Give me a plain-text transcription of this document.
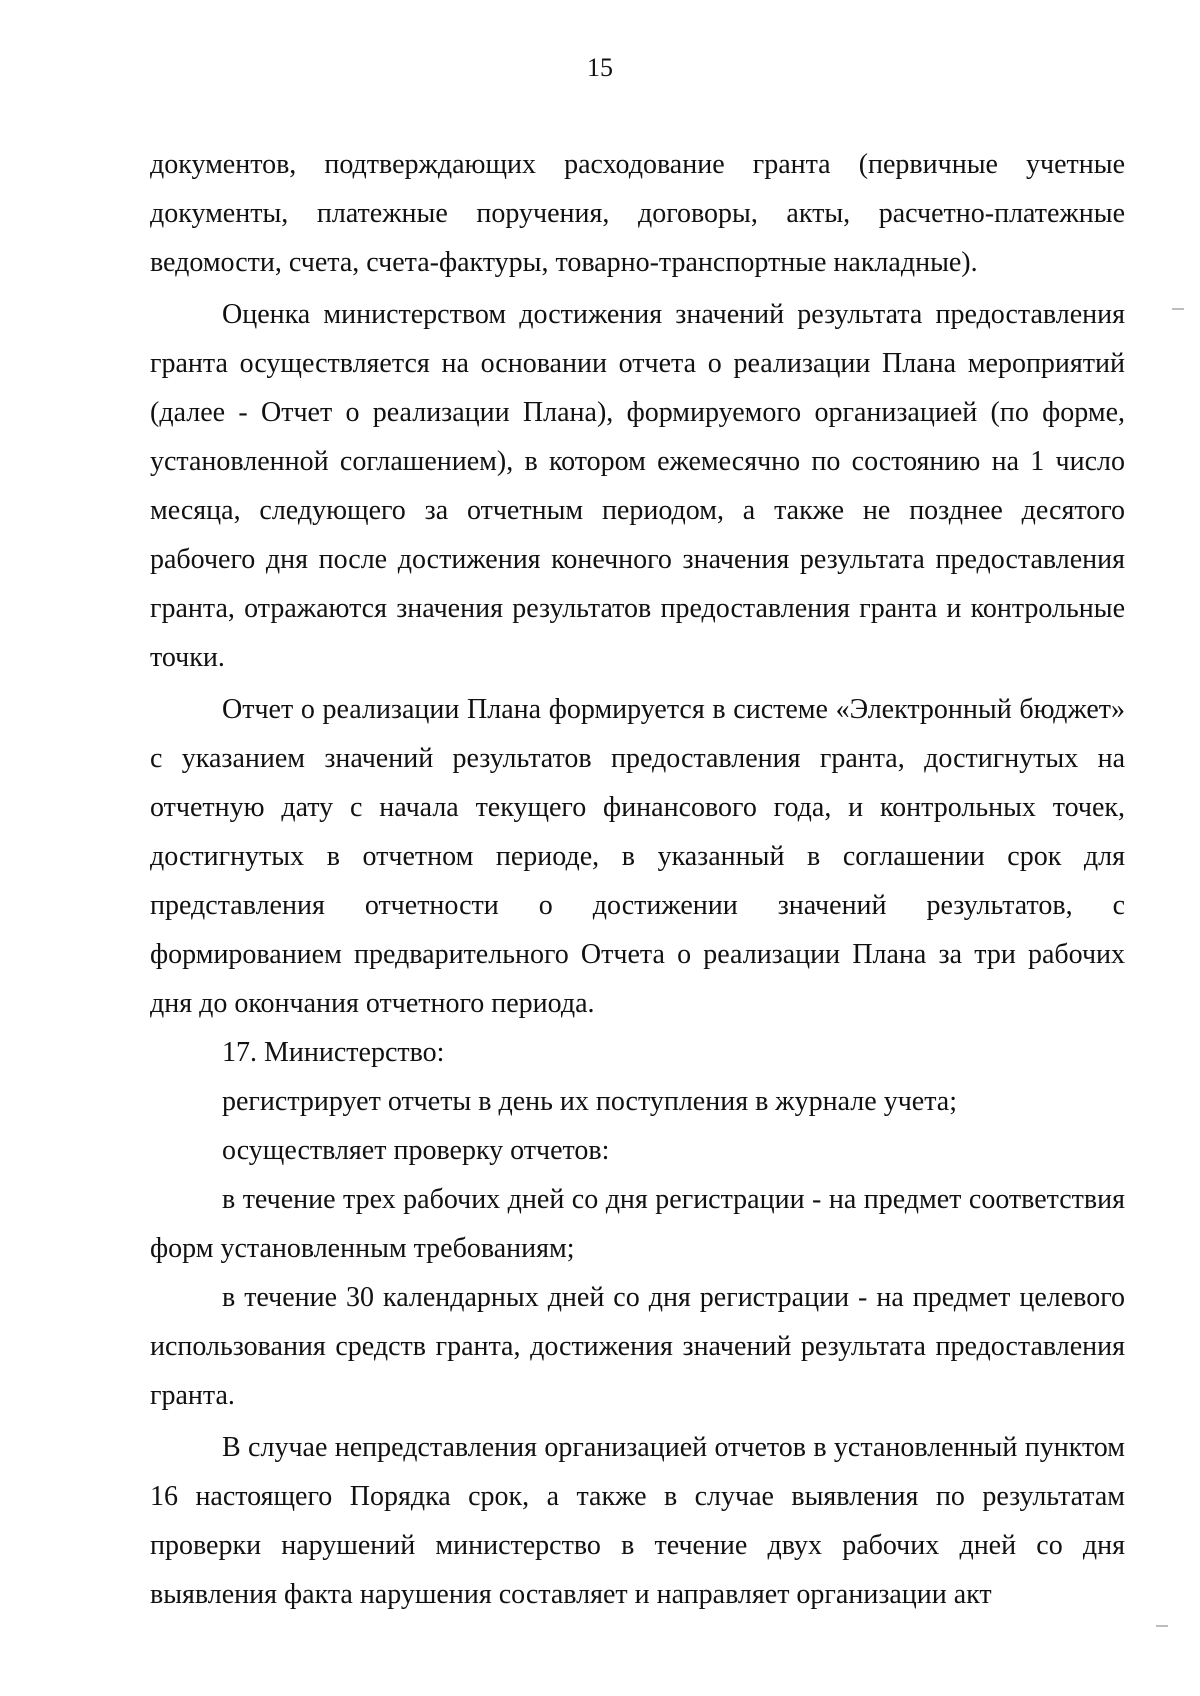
15
документов, подтверждающих расходование гранта (первичные учетные документы, платежные поручения, договоры, акты, расчетно-платежные ведомости, счета, счета-фактуры, товарно-транспортные накладные).
Оценка министерством достижения значений результата предоставления гранта осуществляется на основании отчета о реализации Плана мероприятий (далее - Отчет о реализации Плана), формируемого организацией (по форме, установленной соглашением), в котором ежемесячно по состоянию на 1 число месяца, следующего за отчетным периодом, а также не позднее десятого рабочего дня после достижения конечного значения результата предоставления гранта, отражаются значения результатов предоставления гранта и контрольные точки.
Отчет о реализации Плана формируется в системе «Электронный бюджет» с указанием значений результатов предоставления гранта, достигнутых на отчетную дату с начала текущего финансового года, и контрольных точек, достигнутых в отчетном периоде, в указанный в соглашении срок для представления отчетности о достижении значений результатов, с формированием предварительного Отчета о реализации Плана за три рабочих дня до окончания отчетного периода.
17. Министерство:
регистрирует отчеты в день их поступления в журнале учета;
осуществляет проверку отчетов:
в течение трех рабочих дней со дня регистрации - на предмет соответствия форм установленным требованиям;
в течение 30 календарных дней со дня регистрации - на предмет целевого использования средств гранта, достижения значений результата предоставления гранта.
В случае непредставления организацией отчетов в установленный пунктом 16 настоящего Порядка срок, а также в случае выявления по результатам проверки нарушений министерство в течение двух рабочих дней со дня выявления факта нарушения составляет и направляет организации акт
